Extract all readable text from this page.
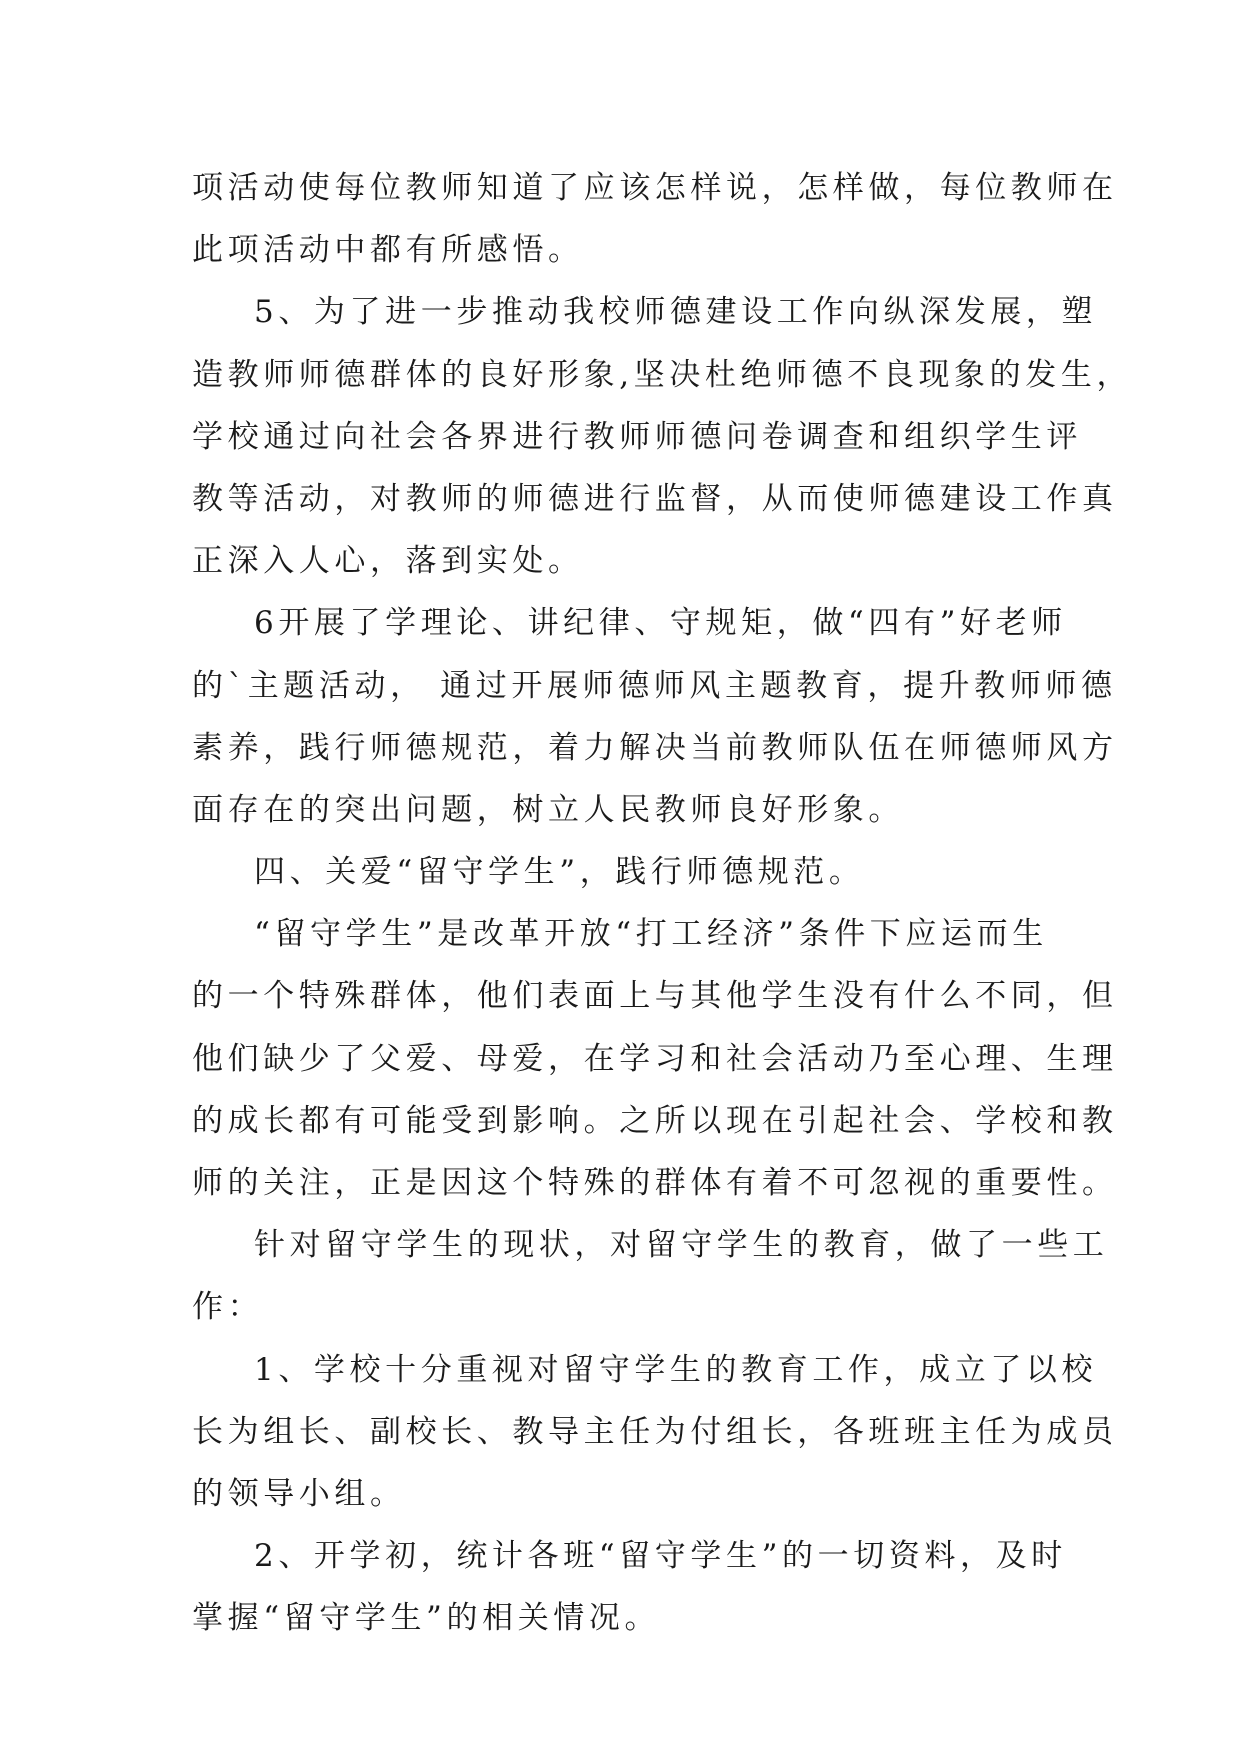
项活动使每位教师知道了应该怎样说，怎样做，每位教师在
此项活动中都有所感悟。
5、为了进一步推动我校师德建设工作向纵深发展，塑
造教师师德群体的良好形象,坚决杜绝师德不良现象的发生，
学校通过向社会各界进行教师师德问卷调查和组织学生评
教等活动，对教师的师德进行监督，从而使师德建设工作真
正深入人心，落到实处。
6开展了学理论、讲纪律、守规矩，做“四有”好老师
的`主题活动， 通过开展师德师风主题教育，提升教师师德
素养，践行师德规范，着力解决当前教师队伍在师德师风方
面存在的突出问题，树立人民教师良好形象。
四、关爱“留守学生”，践行师德规范。
“留守学生”是改革开放“打工经济”条件下应运而生
的一个特殊群体，他们表面上与其他学生没有什么不同，但
他们缺少了父爱、母爱，在学习和社会活动乃至心理、生理
的成长都有可能受到影响。之所以现在引起社会、学校和教
师的关注，正是因这个特殊的群体有着不可忽视的重要性。
针对留守学生的现状，对留守学生的教育，做了一些工
作：
1、学校十分重视对留守学生的教育工作，成立了以校
长为组长、副校长、教导主任为付组长，各班班主任为成员
的领导小组。
2、开学初，统计各班“留守学生”的一切资料，及时
掌握“留守学生”的相关情况。
